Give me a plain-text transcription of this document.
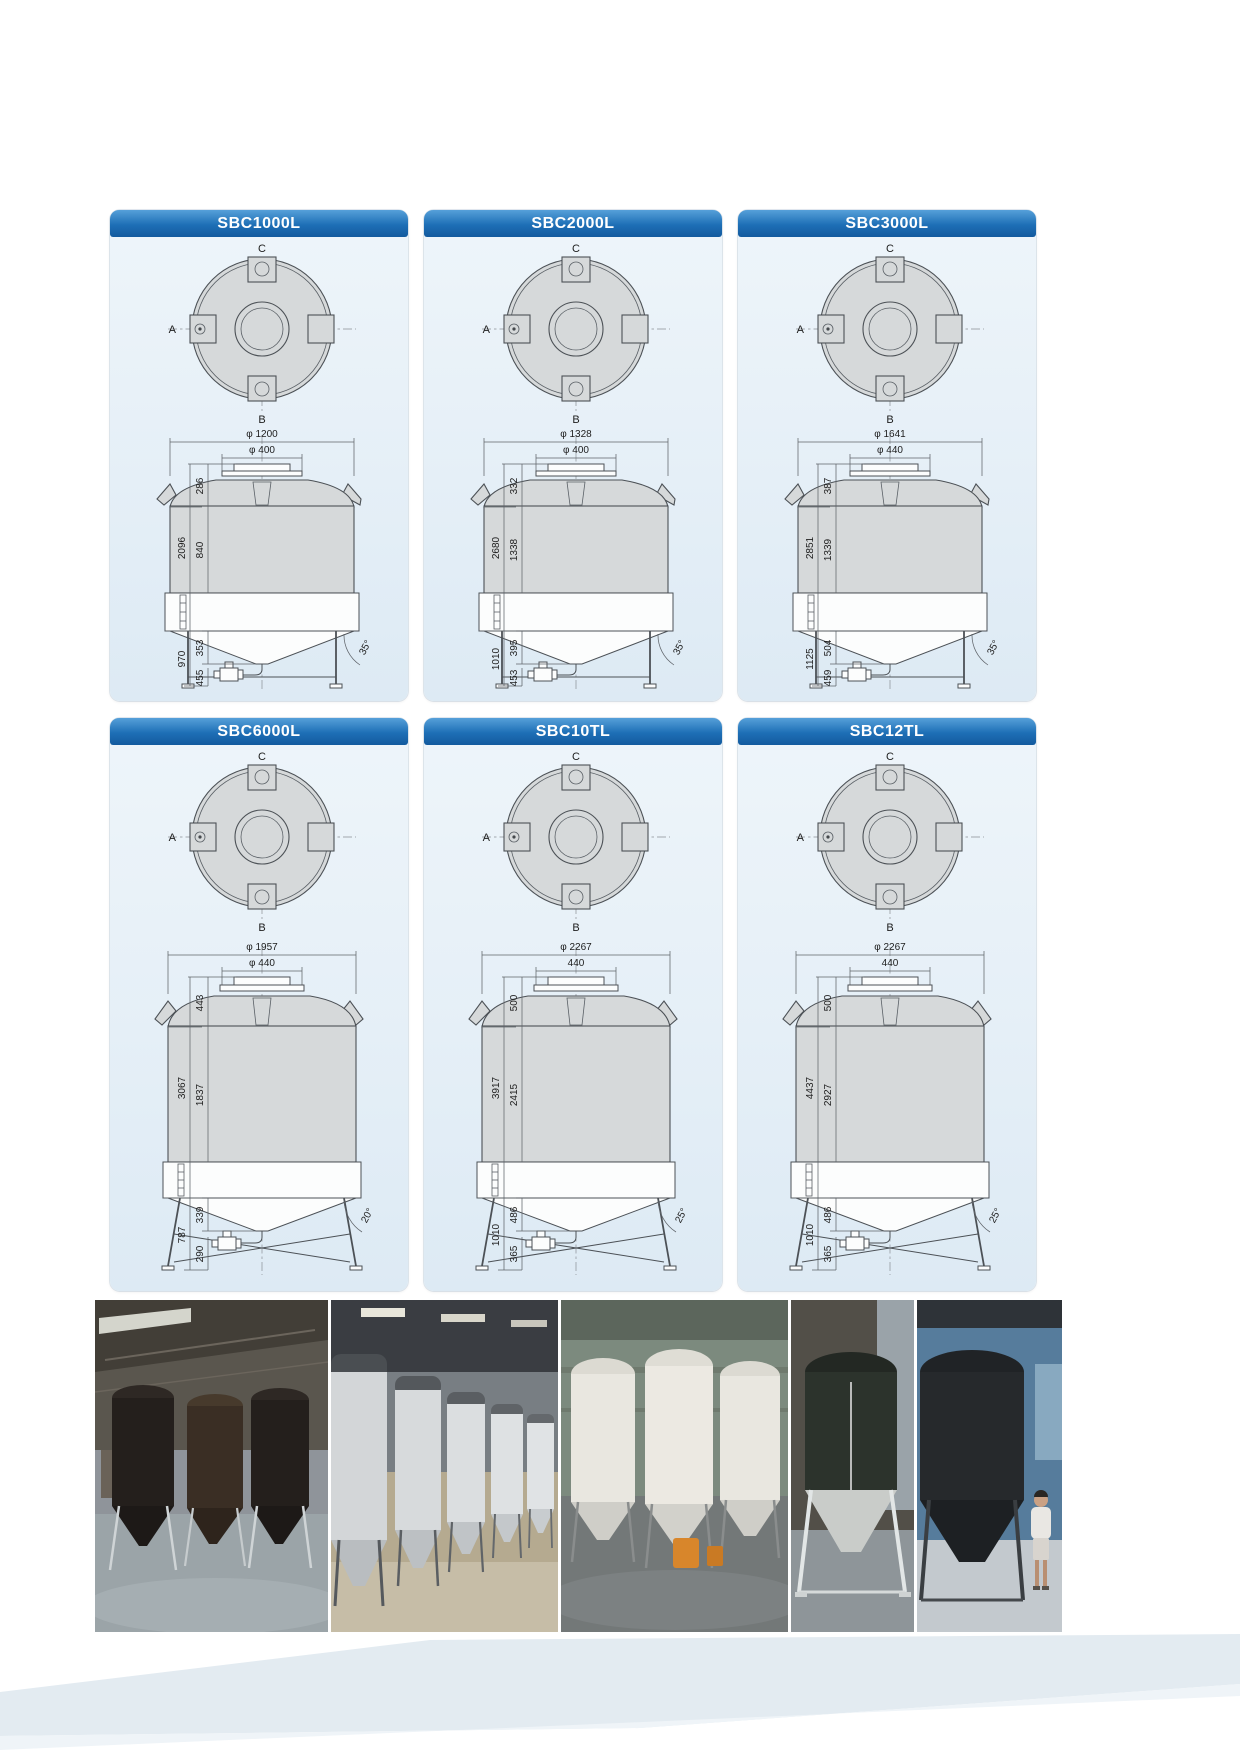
SBC1000L
C
A
B
φ 1200
φ 400
35°
286
840
2096
353
970
455
SBC2000L
C
A
B
φ 1328
φ 400
35°
332
1338
2680
395
1010
453
SBC3000L
C
A
B
φ 1641
φ 440
35°
387
1339
2851
504
1125
459
SBC6000L
C
A
B
φ 1957
φ 440
20°
443
1837
3067
339
787
290
SBC10TL
C
A
B
φ 2267
440
25°
500
2415
3917
486
1010
365
SBC12TL
C
A
B
φ 2267
440
25°
500
2927
4437
486
1010
365
